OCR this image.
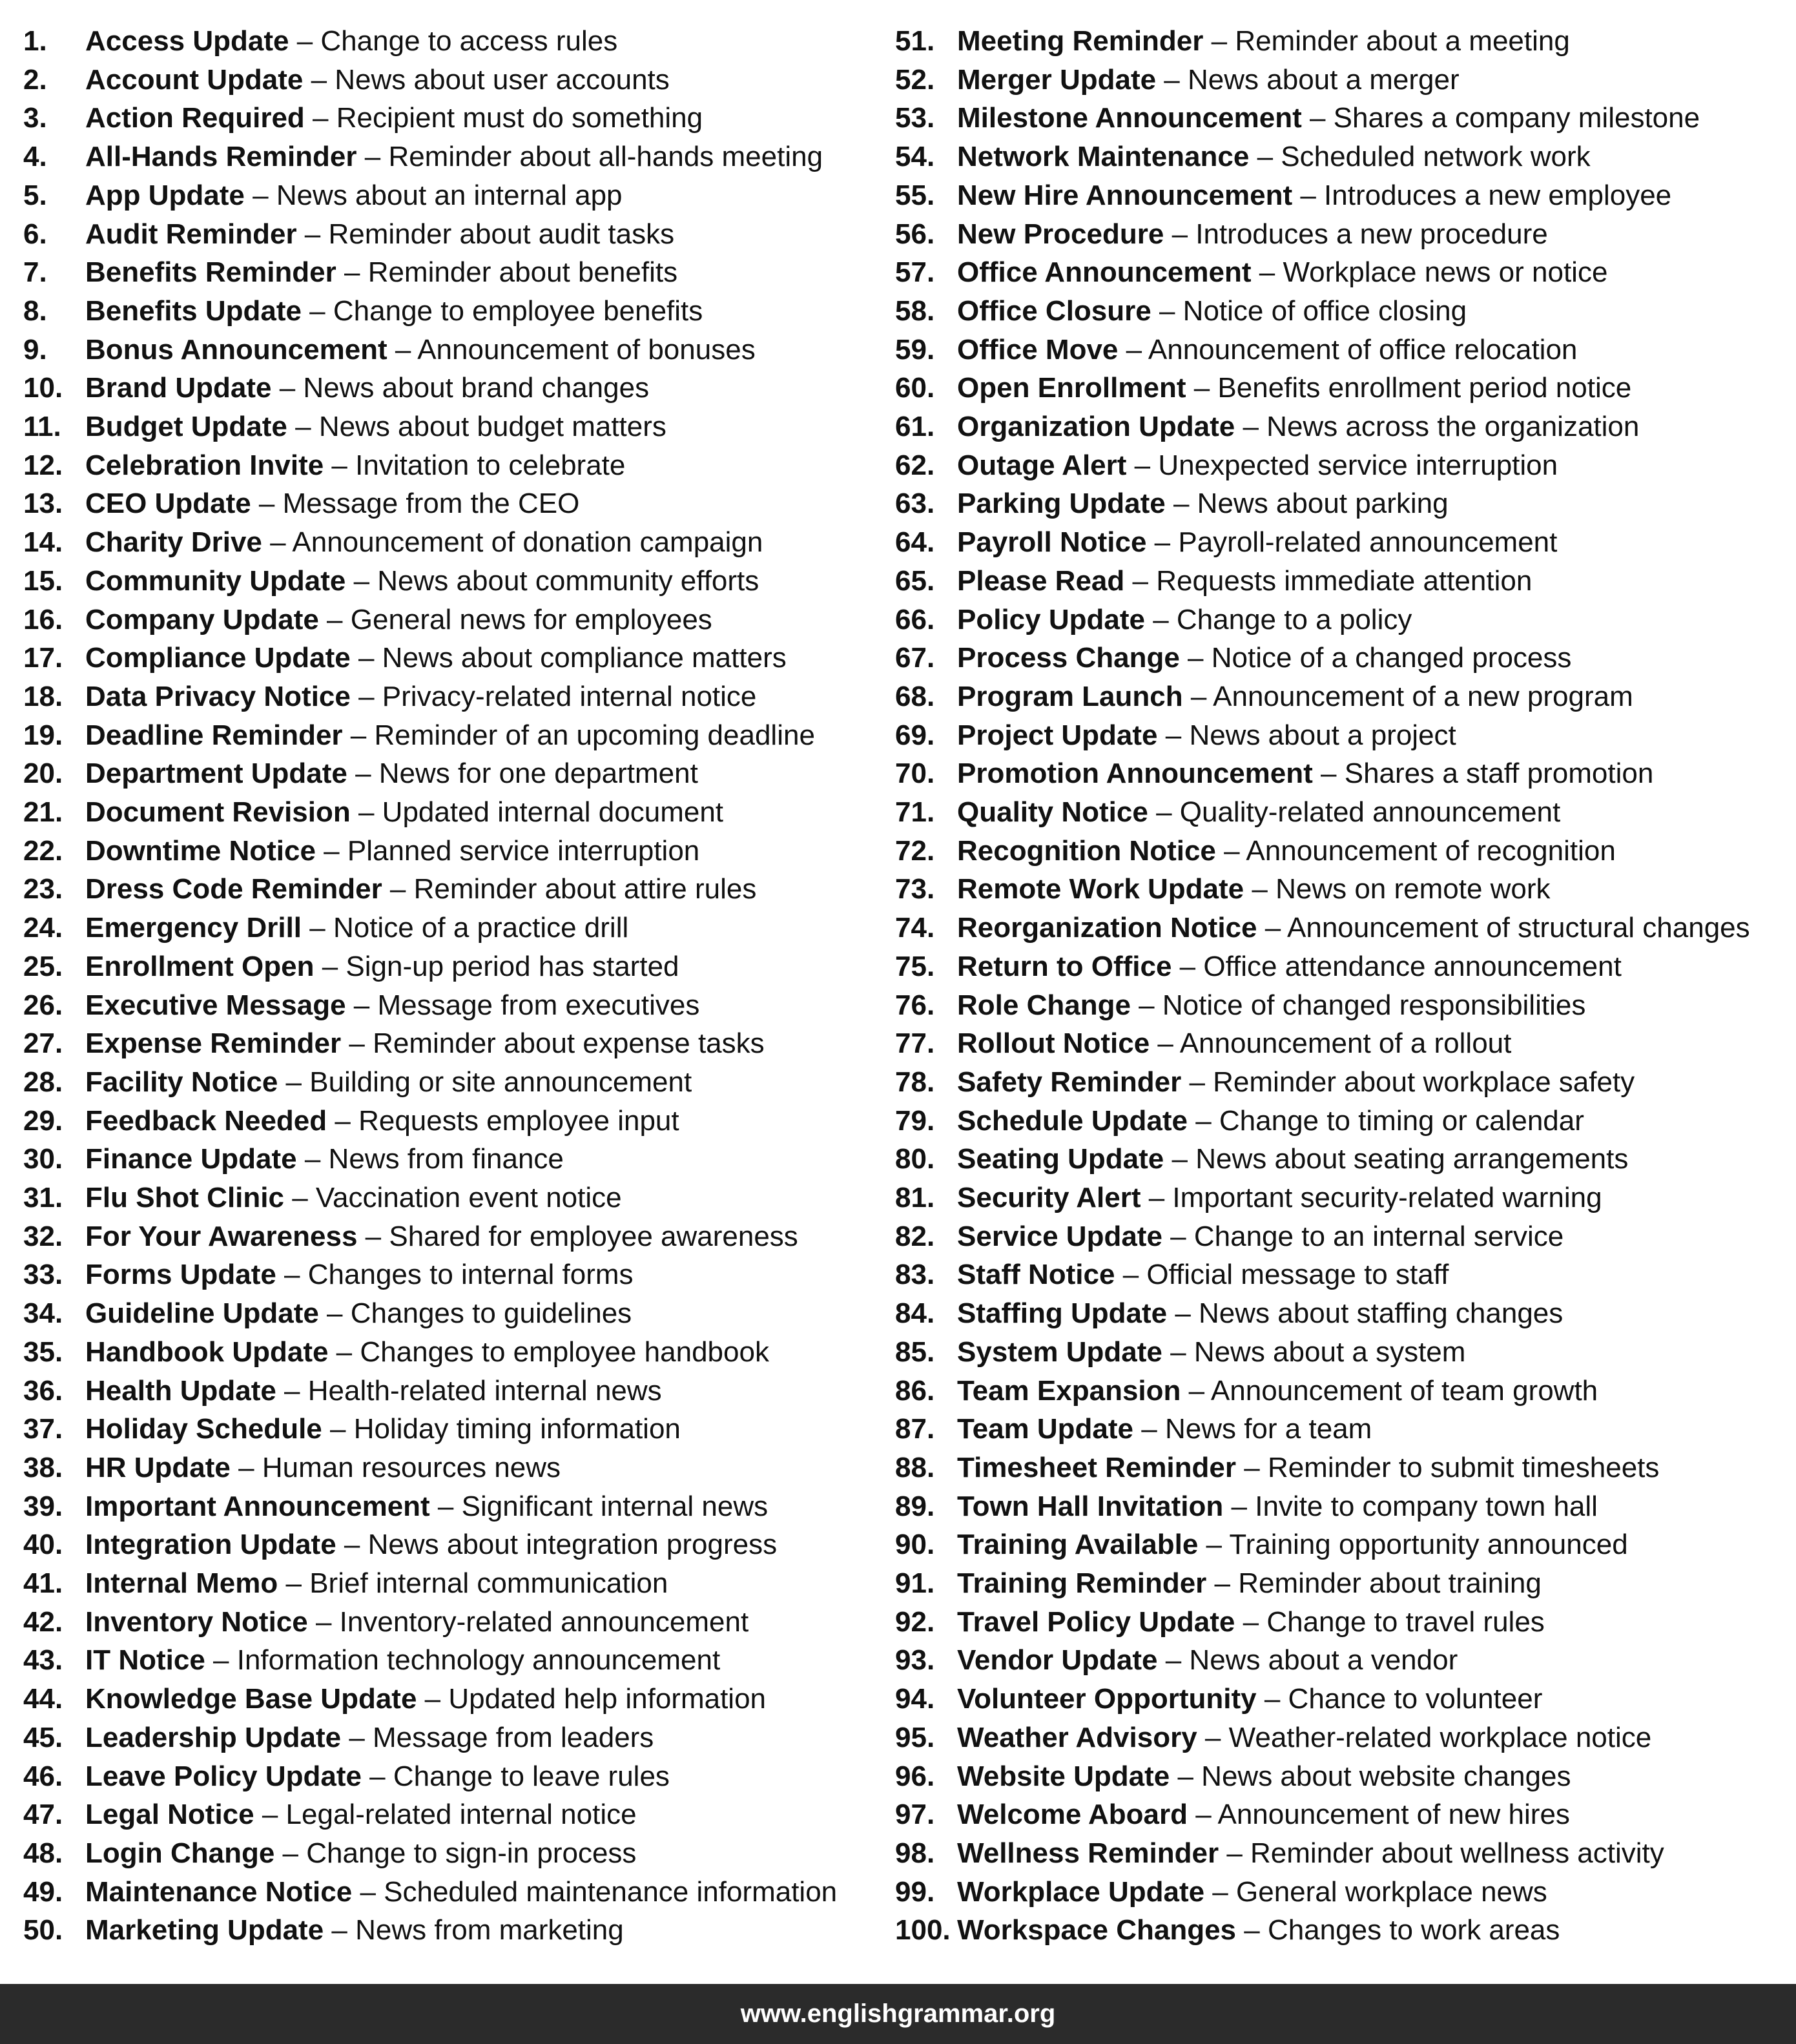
1. Access Update – Change to access rules
2. Account Update – News about user accounts
3. Action Required – Recipient must do something
4. All-Hands Reminder – Reminder about all-hands meeting
5. App Update – News about an internal app
6. Audit Reminder – Reminder about audit tasks
7. Benefits Reminder – Reminder about benefits
8. Benefits Update – Change to employee benefits
9. Bonus Announcement – Announcement of bonuses
10. Brand Update – News about brand changes
11. Budget Update – News about budget matters
12. Celebration Invite – Invitation to celebrate
13. CEO Update – Message from the CEO
14. Charity Drive – Announcement of donation campaign
15. Community Update – News about community efforts
16. Company Update – General news for employees
17. Compliance Update – News about compliance matters
18. Data Privacy Notice – Privacy-related internal notice
19. Deadline Reminder – Reminder of an upcoming deadline
20. Department Update – News for one department
21. Document Revision – Updated internal document
22. Downtime Notice – Planned service interruption
23. Dress Code Reminder – Reminder about attire rules
24. Emergency Drill – Notice of a practice drill
25. Enrollment Open – Sign-up period has started
26. Executive Message – Message from executives
27. Expense Reminder – Reminder about expense tasks
28. Facility Notice – Building or site announcement
29. Feedback Needed – Requests employee input
30. Finance Update – News from finance
31. Flu Shot Clinic – Vaccination event notice
32. For Your Awareness – Shared for employee awareness
33. Forms Update – Changes to internal forms
34. Guideline Update – Changes to guidelines
35. Handbook Update – Changes to employee handbook
36. Health Update – Health-related internal news
37. Holiday Schedule – Holiday timing information
38. HR Update – Human resources news
39. Important Announcement – Significant internal news
40. Integration Update – News about integration progress
41. Internal Memo – Brief internal communication
42. Inventory Notice – Inventory-related announcement
43. IT Notice – Information technology announcement
44. Knowledge Base Update – Updated help information
45. Leadership Update – Message from leaders
46. Leave Policy Update – Change to leave rules
47. Legal Notice – Legal-related internal notice
48. Login Change – Change to sign-in process
49. Maintenance Notice – Scheduled maintenance information
50. Marketing Update – News from marketing
51. Meeting Reminder – Reminder about a meeting
52. Merger Update – News about a merger
53. Milestone Announcement – Shares a company milestone
54. Network Maintenance – Scheduled network work
55. New Hire Announcement – Introduces a new employee
56. New Procedure – Introduces a new procedure
57. Office Announcement – Workplace news or notice
58. Office Closure – Notice of office closing
59. Office Move – Announcement of office relocation
60. Open Enrollment – Benefits enrollment period notice
61. Organization Update – News across the organization
62. Outage Alert – Unexpected service interruption
63. Parking Update – News about parking
64. Payroll Notice – Payroll-related announcement
65. Please Read – Requests immediate attention
66. Policy Update – Change to a policy
67. Process Change – Notice of a changed process
68. Program Launch – Announcement of a new program
69. Project Update – News about a project
70. Promotion Announcement – Shares a staff promotion
71. Quality Notice – Quality-related announcement
72. Recognition Notice – Announcement of recognition
73. Remote Work Update – News on remote work
74. Reorganization Notice – Announcement of structural changes
75. Return to Office – Office attendance announcement
76. Role Change – Notice of changed responsibilities
77. Rollout Notice – Announcement of a rollout
78. Safety Reminder – Reminder about workplace safety
79. Schedule Update – Change to timing or calendar
80. Seating Update – News about seating arrangements
81. Security Alert – Important security-related warning
82. Service Update – Change to an internal service
83. Staff Notice – Official message to staff
84. Staffing Update – News about staffing changes
85. System Update – News about a system
86. Team Expansion – Announcement of team growth
87. Team Update – News for a team
88. Timesheet Reminder – Reminder to submit timesheets
89. Town Hall Invitation – Invite to company town hall
90. Training Available – Training opportunity announced
91. Training Reminder – Reminder about training
92. Travel Policy Update – Change to travel rules
93. Vendor Update – News about a vendor
94. Volunteer Opportunity – Chance to volunteer
95. Weather Advisory – Weather-related workplace notice
96. Website Update – News about website changes
97. Welcome Aboard – Announcement of new hires
98. Wellness Reminder – Reminder about wellness activity
99. Workplace Update – General workplace news
100. Workspace Changes – Changes to work areas
www.englishgrammar.org
